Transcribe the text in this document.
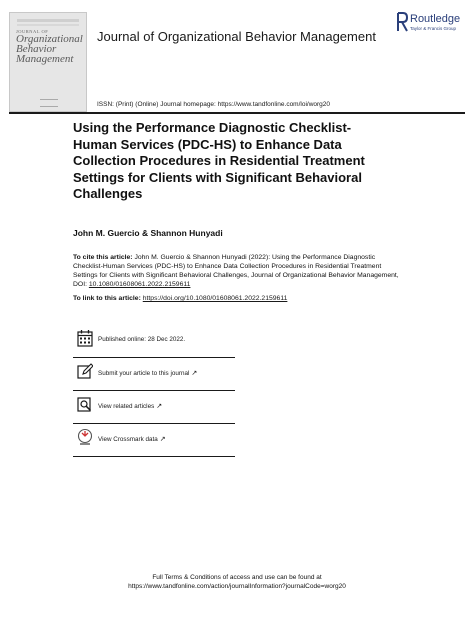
JOURNAL OF
Organizational
Behavior
Management
Journal of Organizational Behavior Management
Routledge
Taylor & Francis Group
ISSN: (Print) (Online) Journal homepage: https://www.tandfonline.com/loi/worg20
Using the Performance Diagnostic Checklist-Human Services (PDC-HS) to Enhance Data Collection Procedures in Residential Treatment Settings for Clients with Significant Behavioral Challenges
John M. Guercio & Shannon Hunyadi
To cite this article: John M. Guercio & Shannon Hunyadi (2022): Using the Performance Diagnostic Checklist-Human Services (PDC-HS) to Enhance Data Collection Procedures in Residential Treatment Settings for Clients with Significant Behavioral Challenges, Journal of Organizational Behavior Management, DOI: 10.1080/01608061.2022.2159611
To link to this article: https://doi.org/10.1080/01608061.2022.2159611
Published online: 28 Dec 2022.
Submit your article to this journal ↗
View related articles ↗
View Crossmark data ↗
Full Terms & Conditions of access and use can be found at
https://www.tandfonline.com/action/journalInformation?journalCode=worg20
